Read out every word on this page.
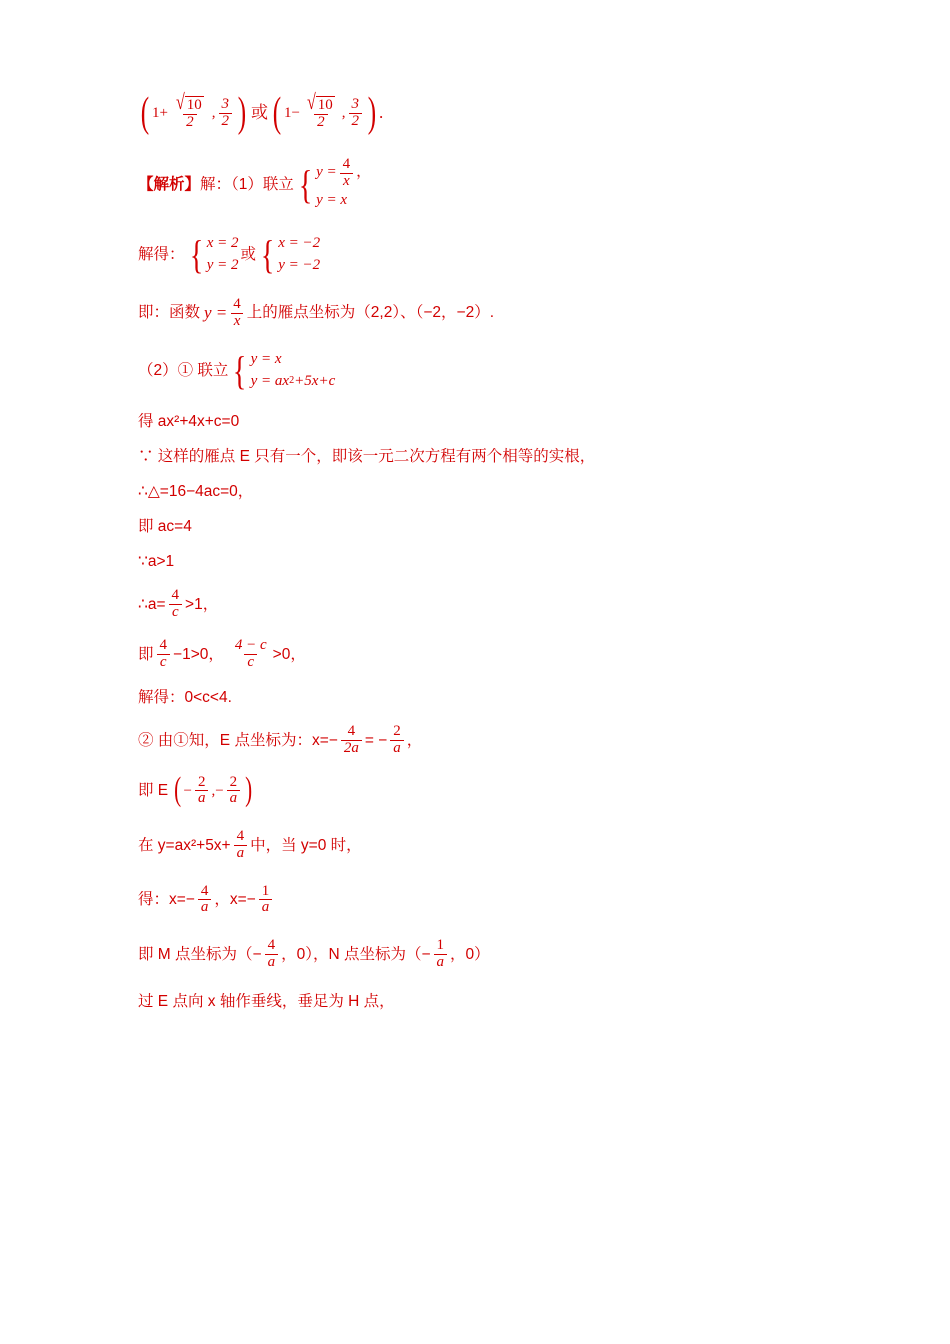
( $1+ \frac{√ 10}{2}$ , $\frac{3}{2}$ ) 或 ( $1- \frac{√ 10}{2}$ , $\frac{3}{2}$ ) .
【解析】 解：（1）联立 { $y = \frac{4}{x}$ ，
y = x
解得： { x = 2
y = 2
或 { x = −2
y = −2
即：函数 $y = \frac{4}{x}$ 上的雁点坐标为（2,2）、（−2，−2）.
（2）① 联立 { y = x
y = ax 2 +5x+c
得 ax²+4x+c=0
∵ 这样的雁点 E 只有一个，即该一元二次方程有两个相等的实根，
∴△=16−4ac=0，
即 ac=4
∵a>1
∴a= $\frac{4}{c} >1$，
即 $\frac{4}{c} -1>0$， $\frac{4 - c}{c} >0$，
解得：0<c<4.
② 由①知，E 点坐标为：$x=- \frac{4}{2a}$ = − $\frac{2}{a}$ ，
即 E ( − $\frac{2}{a}$ ,− $\frac{2}{a}$ )
在 $y=ax^2+5x+ \frac{4}{a}$ 中，当 y=0 时，
得：$x=- \frac{4}{a}$ ，$x=- \frac{1}{a}$
即 M 点坐标为（− $\frac{4}{a}$ ，0），N 点坐标为（− $\frac{1}{a}$ ，0）
过 E 点向 x 轴作垂线，垂足为 H 点，
